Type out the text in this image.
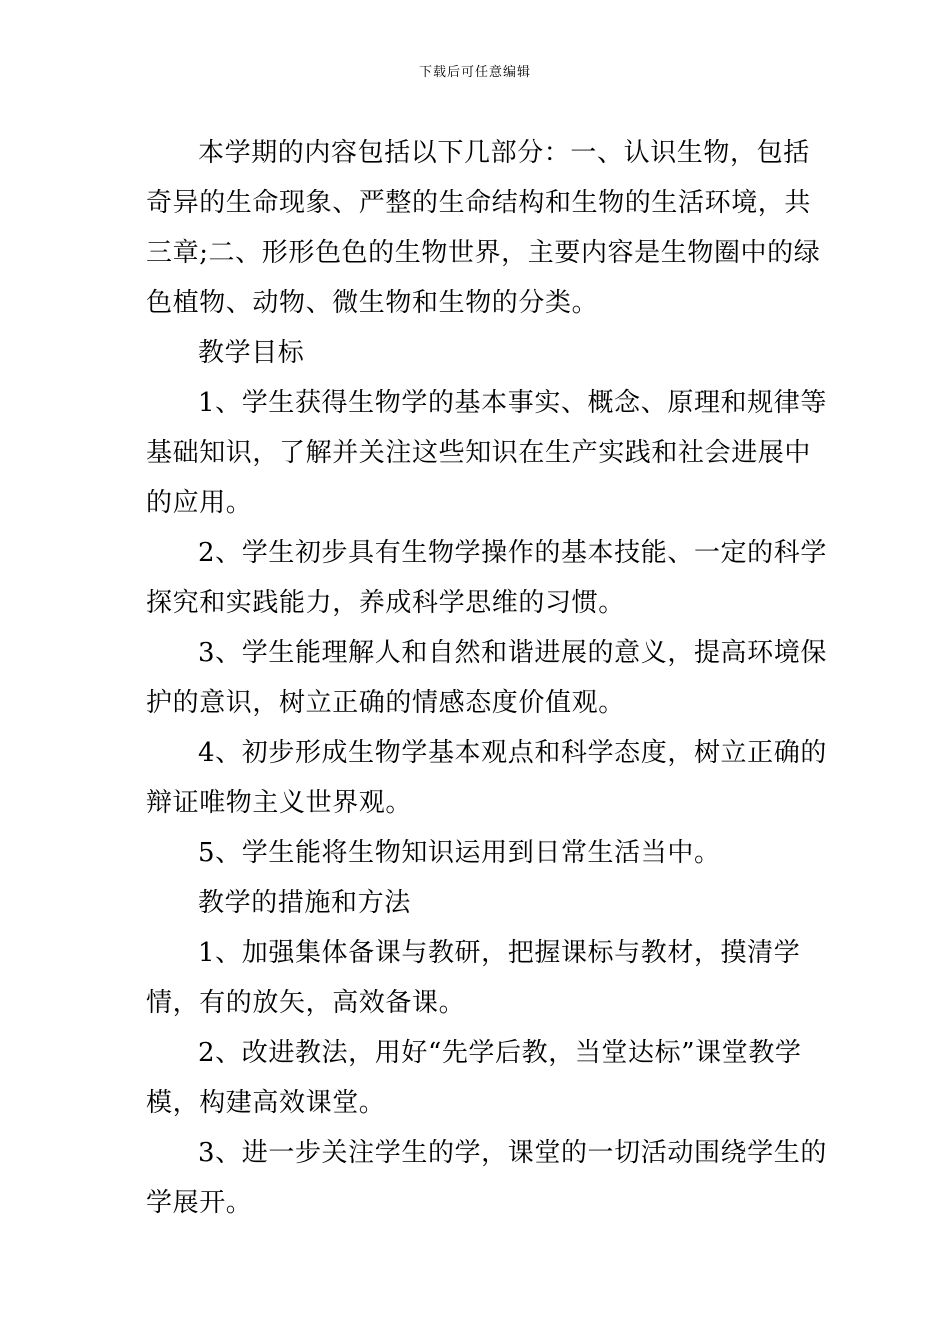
下载后可任意编辑

本学期的内容包括以下几部分：一、认识生物，包括奇异的生命现象、严整的生命结构和生物的生活环境，共三章;二、形形色色的生物世界，主要内容是生物圈中的绿色植物、动物、微生物和生物的分类。

教学目标

1、学生获得生物学的基本事实、概念、原理和规律等基础知识，了解并关注这些知识在生产实践和社会进展中的应用。

2、学生初步具有生物学操作的基本技能、一定的科学探究和实践能力，养成科学思维的习惯。

3、学生能理解人和自然和谐进展的意义，提高环境保护的意识，树立正确的情感态度价值观。

4、初步形成生物学基本观点和科学态度，树立正确的辩证唯物主义世界观。

5、学生能将生物知识运用到日常生活当中。

教学的措施和方法

1、加强集体备课与教研，把握课标与教材，摸清学情，有的放矢，高效备课。

2、改进教法，用好“先学后教，当堂达标”课堂教学模，构建高效课堂。

3、进一步关注学生的学，课堂的一切活动围绕学生的学展开。
